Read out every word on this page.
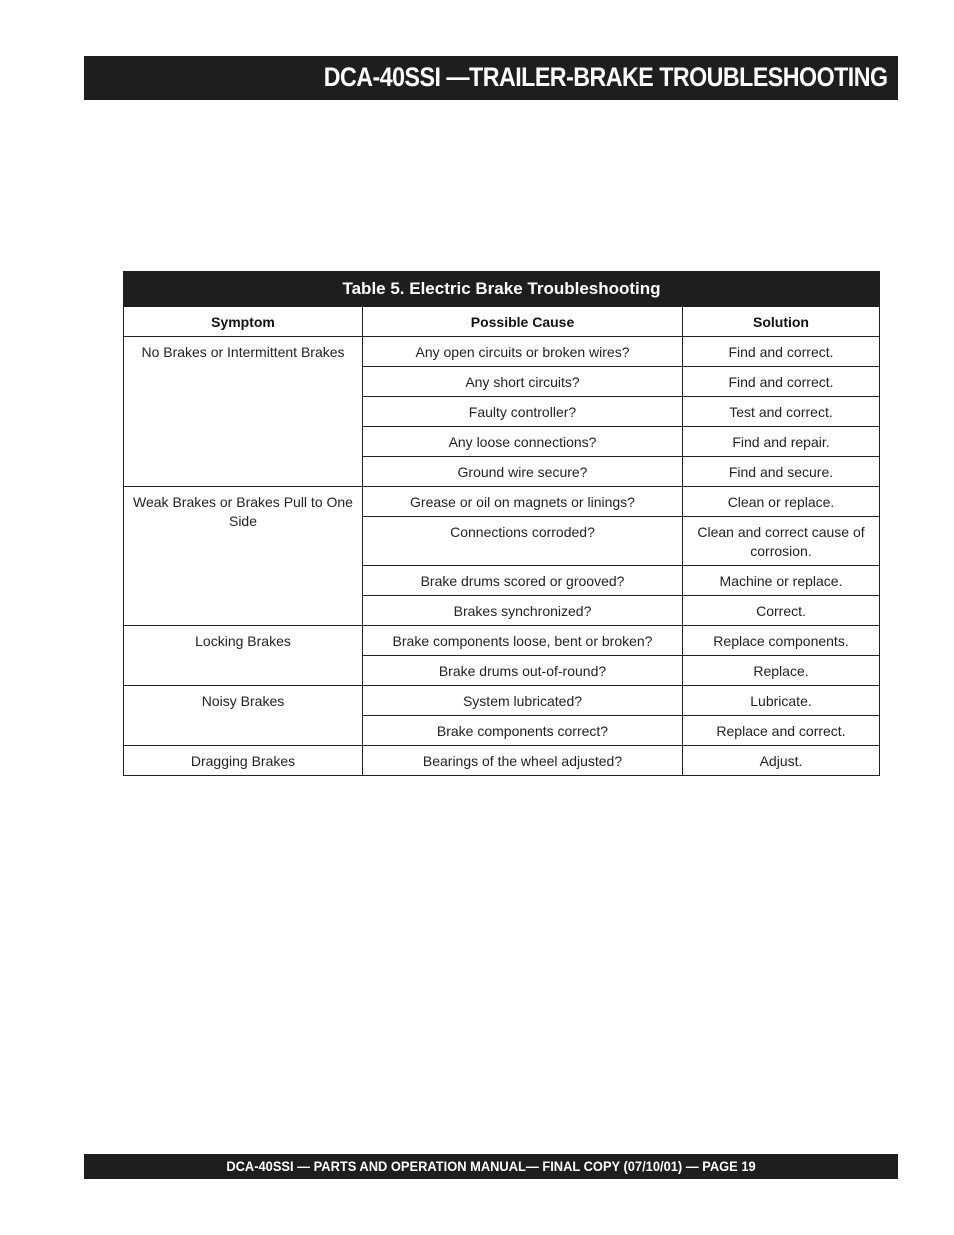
DCA-40SSI —TRAILER-BRAKE TROUBLESHOOTING
Table 5. Electric Brake Troubleshooting		
Symptom	Possible Cause	Solution
No Brakes or Intermittent Brakes	Any open circuits or broken wires?	Find and correct.
	Any short circuits?	Find and correct.
	Faulty controller?	Test and correct.
	Any loose connections?	Find and repair.
	Ground wire secure?	Find and secure.
Weak Brakes or Brakes Pull to One Side	Grease or oil on magnets or linings?	Clean or replace.
	Connections corroded?	Clean and correct cause of corrosion.
	Brake drums scored or grooved?	Machine or replace.
	Brakes synchronized?	Correct.
Locking Brakes	Brake components loose, bent or broken?	Replace components.
	Brake drums out-of-round?	Replace.
Noisy Brakes	System lubricated?	Lubricate.
	Brake components correct?	Replace and correct.
Dragging Brakes	Bearings of the wheel adjusted?	Adjust.
DCA-40SSI — PARTS AND OPERATION MANUAL— FINAL COPY (07/10/01) — PAGE 19
